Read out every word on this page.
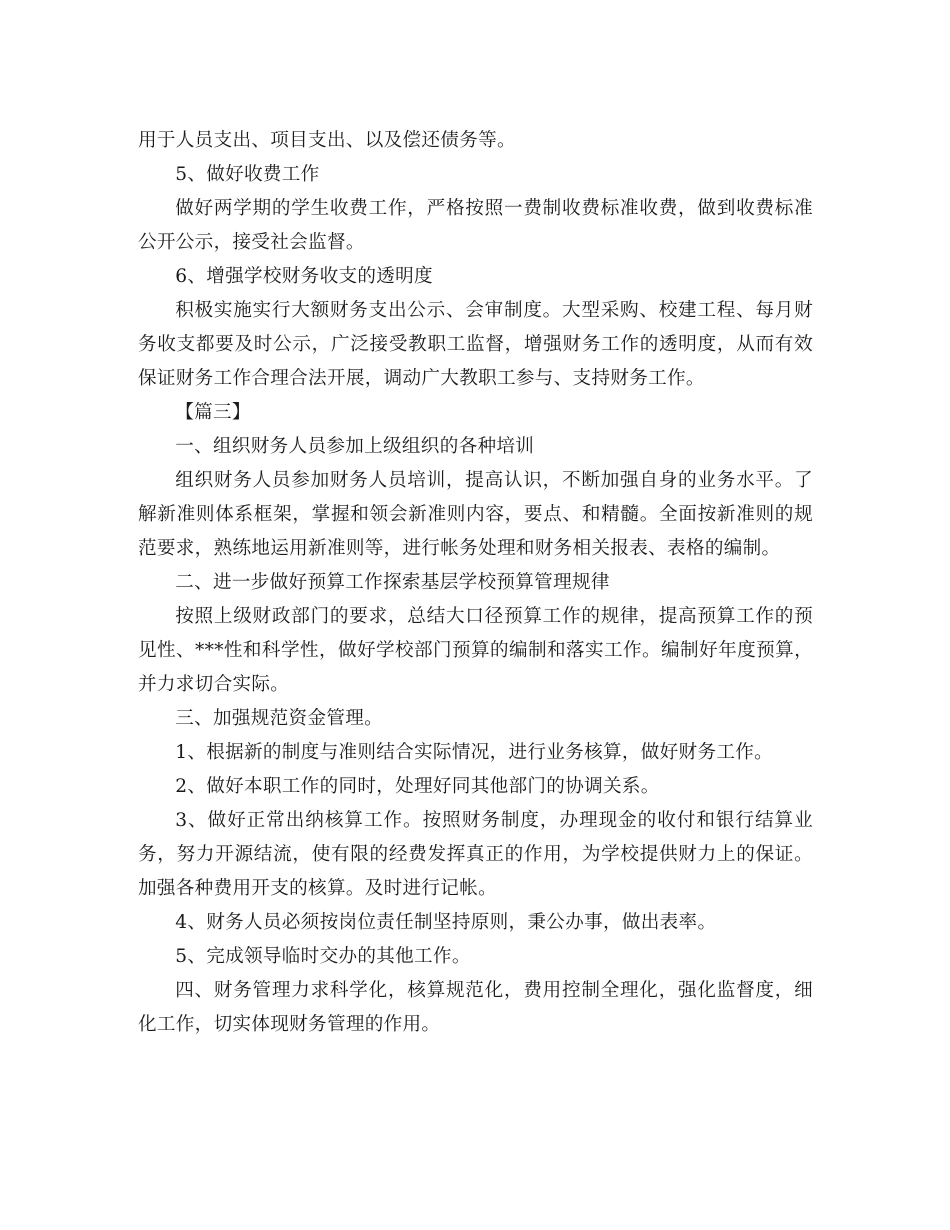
用于人员支出、项目支出、以及偿还债务等。

5、做好收费工作

做好两学期的学生收费工作，严格按照一费制收费标准收费，做到收费标准公开公示，接受社会监督。

6、增强学校财务收支的透明度

积极实施实行大额财务支出公示、会审制度。大型采购、校建工程、每月财务收支都要及时公示，广泛接受教职工监督，增强财务工作的透明度，从而有效保证财务工作合理合法开展，调动广大教职工参与、支持财务工作。

【篇三】

一、组织财务人员参加上级组织的各种培训

组织财务人员参加财务人员培训，提高认识，不断加强自身的业务水平。了解新准则体系框架，掌握和领会新准则内容，要点、和精髓。全面按新准则的规范要求，熟练地运用新准则等，进行帐务处理和财务相关报表、表格的编制。

二、进一步做好预算工作探索基层学校预算管理规律

按照上级财政部门的要求，总结大口径预算工作的规律，提高预算工作的预见性、***性和科学性，做好学校部门预算的编制和落实工作。编制好年度预算，并力求切合实际。

三、加强规范资金管理。

1、根据新的制度与准则结合实际情况，进行业务核算，做好财务工作。

2、做好本职工作的同时，处理好同其他部门的协调关系。

3、做好正常出纳核算工作。按照财务制度，办理现金的收付和银行结算业务，努力开源结流，使有限的经费发挥真正的作用，为学校提供财力上的保证。加强各种费用开支的核算。及时进行记帐。

4、财务人员必须按岗位责任制坚持原则，秉公办事，做出表率。

5、完成领导临时交办的其他工作。

四、财务管理力求科学化，核算规范化，费用控制全理化，强化监督度，细化工作，切实体现财务管理的作用。
